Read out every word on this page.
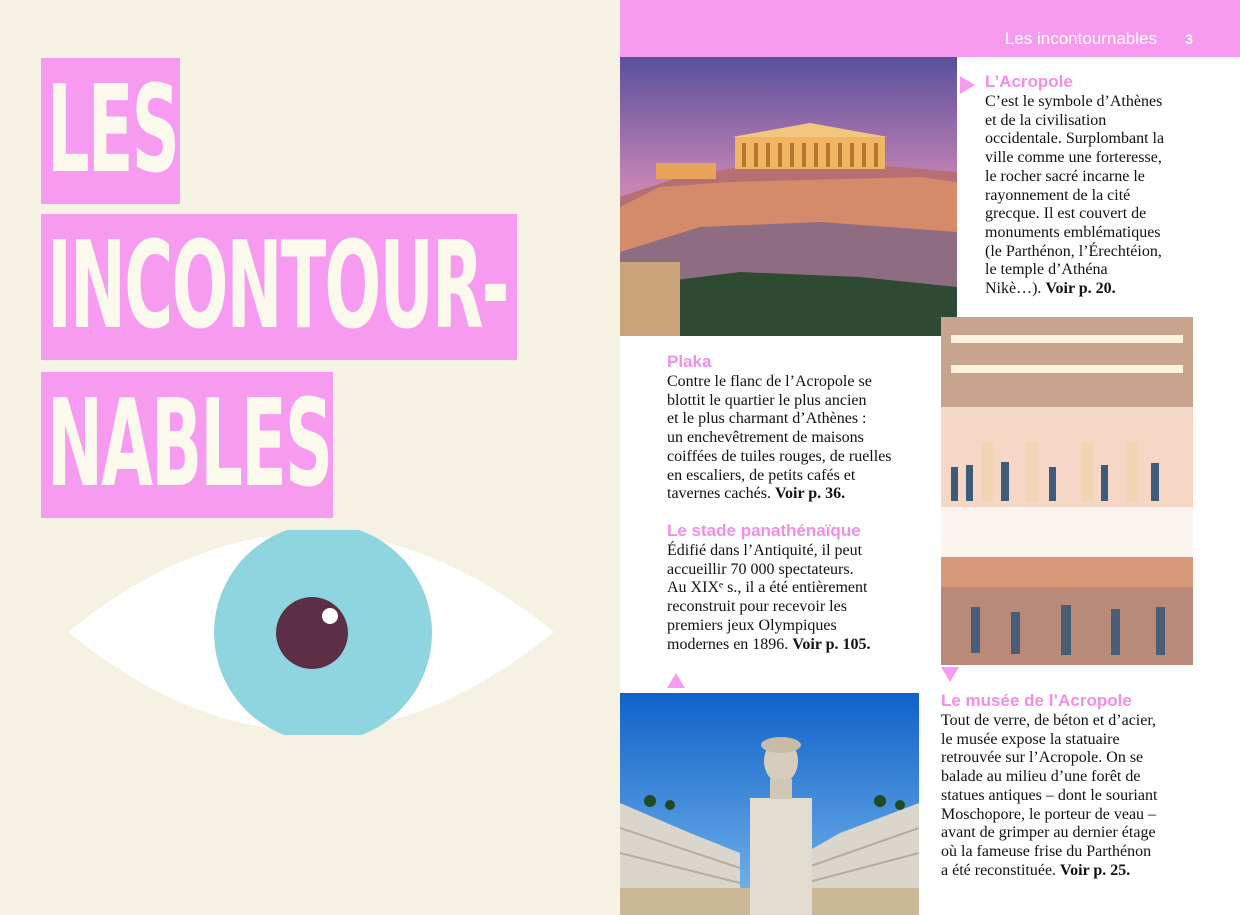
LES
INCONTOUR-
NABLES
Les incontournables 3
L’Acropole
C’est le symbole d’Athènes
et de la civilisation
occidentale. Surplombant la
ville comme une forteresse,
le rocher sacré incarne le
rayonnement de la cité
grecque. Il est couvert de
monuments emblématiques
(le Parthénon, l’Érechtéion,
le temple d’Athéna
Nikè…). Voir p. 20.
Plaka
Contre le flanc de l’Acropole se
blottit le quartier le plus ancien
et le plus charmant d’Athènes :
un enchevêtrement de maisons
coiffées de tuiles rouges, de ruelles
en escaliers, de petits cafés et
tavernes cachés. Voir p. 36.
Le stade panathénaïque
Édifié dans l’Antiquité, il peut
accueillir 70 000 spectateurs.
Au XIXᵉ s., il a été entièrement
reconstruit pour recevoir les
premiers jeux Olympiques
modernes en 1896. Voir p. 105.
Le musée de l’Acropole
Tout de verre, de béton et d’acier,
le musée expose la statuaire
retrouvée sur l’Acropole. On se
balade au milieu d’une forêt de
statues antiques – dont le souriant
Moschopore, le porteur de veau –
avant de grimper au dernier étage
où la fameuse frise du Parthénon
a été reconstituée. Voir p. 25.
